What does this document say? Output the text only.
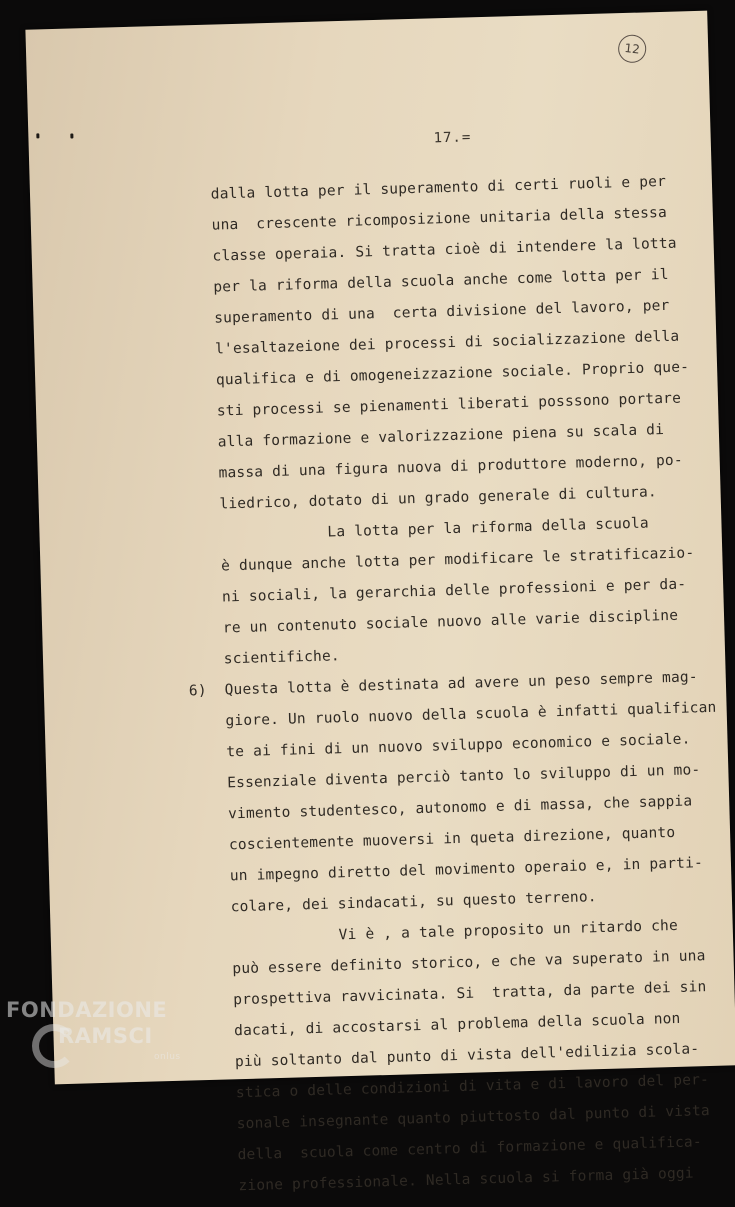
12
17.=
dalla lotta per il superamento di certi ruoli e per
una  crescente ricomposizione unitaria della stessa
classe operaia. Si tratta cioè di intendere la lotta
per la riforma della scuola anche come lotta per il
superamento di una  certa divisione del lavoro, per
l'esaltazeione dei processi di socializzazione della
qualifica e di omogeneizzazione sociale. Proprio que-
sti processi se pienamenti liberati posssono portare
alla formazione e valorizzazione piena su scala di
massa di una figura nuova di produttore moderno, po-
liedrico, dotato di un grado generale di cultura.
La lotta per la riforma della scuola
è dunque anche lotta per modificare le stratificazio-
ni sociali, la gerarchia delle professioni e per da-
re un contenuto sociale nuovo alle varie discipline
scientifiche.
6)  Questa lotta è destinata ad avere un peso sempre mag-
giore. Un ruolo nuovo della scuola è infatti qualifican
te ai fini di un nuovo sviluppo economico e sociale.
Essenziale diventa perciò tanto lo sviluppo di un mo-
vimento studentesco, autonomo e di massa, che sappia
coscientemente muoversi in queta direzione, quanto
un impegno diretto del movimento operaio e, in parti-
colare, dei sindacati, su questo terreno.
Vi è , a tale proposito un ritardo che
può essere definito storico, e che va superato in una
prospettiva ravvicinata. Si  tratta, da parte dei sin
dacati, di accostarsi al problema della scuola non
più soltanto dal punto di vista dell'edilizia scola-
stica o delle condizioni di vita e di lavoro del per-
sonale insegnante quanto piuttosto dal punto di vista
della  scuola come centro di formazione e qualifica-
zione professionale. Nella scuola si forma già oggi
FONDAZIONE
RAMSCI
onlus
